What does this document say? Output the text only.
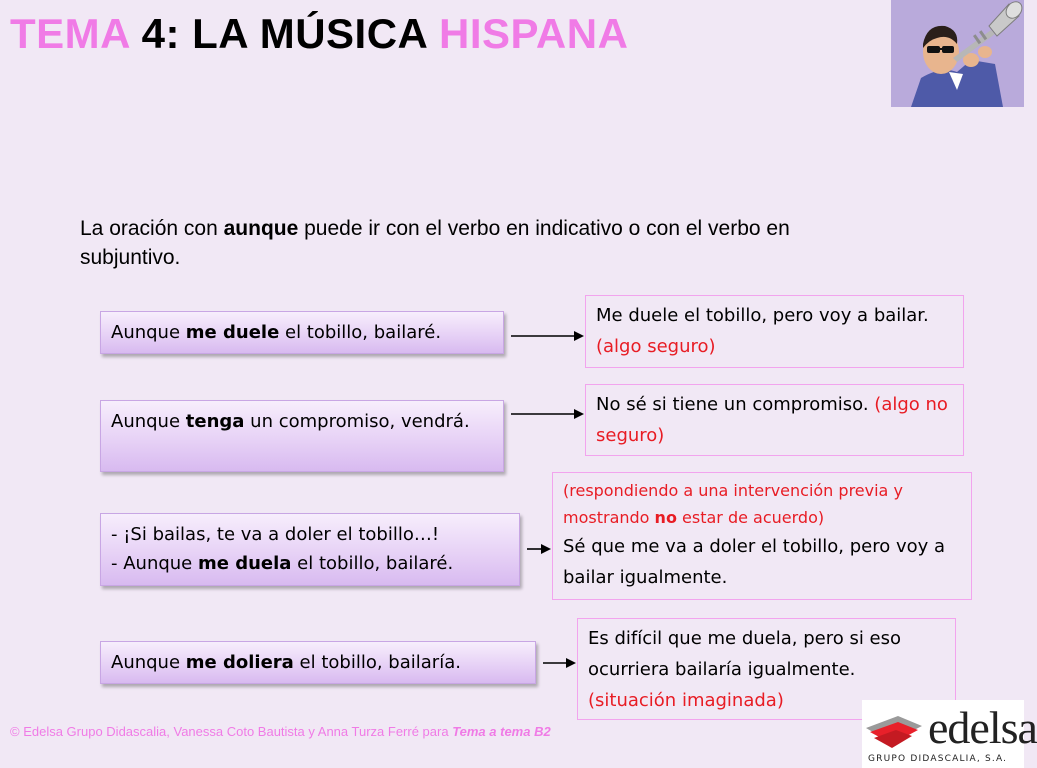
TEMA 4: LA MÚSICA HISPANA

La oración con aunque puede ir con el verbo en indicativo o con el verbo en subjuntivo.

Aunque me duele el tobillo, bailaré.
Me duele el tobillo, pero voy a bailar. (algo seguro)
Aunque tenga un compromiso, vendrá.
No sé si tiene un compromiso. (algo no seguro)
- ¡Si bailas, te va a doler el tobillo…!
- Aunque me duela el tobillo, bailaré.
(respondiendo a una intervención previa y mostrando no estar de acuerdo)
Sé que me va a doler el tobillo, pero voy a bailar igualmente.
Aunque me doliera el tobillo, bailaría.
Es difícil que me duela, pero si eso ocurriera bailaría igualmente. (situación imaginada)

© Edelsa Grupo Didascalia, Vanessa Coto Bautista y Anna Turza Ferré para Tema a tema B2	edelsa
GRUPO DIDASCALIA, S.A.
